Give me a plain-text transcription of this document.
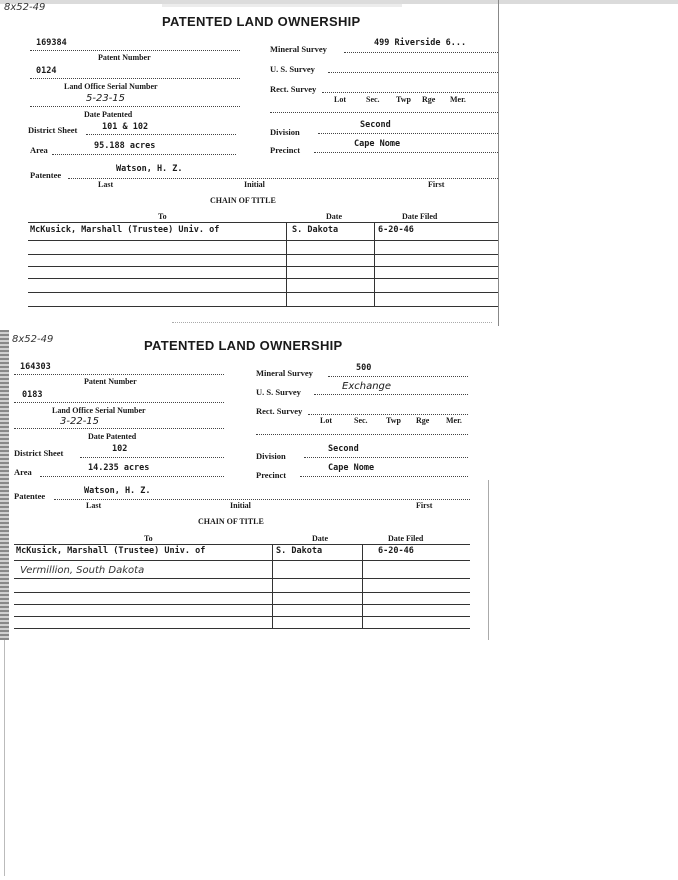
8x52-49
PATENTED LAND OWNERSHIP
169384
Patent Number
0124
Land Office Serial Number
5-23-15
Date Patented
District Sheet	101 & 102
Area	95.188 acres
Mineral Survey
499 Riverside 6...
U. S. Survey
Rect. Survey
Lot	Sec. Twp Rge Mer.
Division
Second
Precinct
Cape Nome
Patentee
Watson, H. Z.
Last	Initial	First
CHAIN OF TITLE
To	Date	Date Filed
McKusick, Marshall (Trustee) Univ. of	S. Dakota	6-20-46
8x52-49	PATENTED LAND OWNERSHIP
164303
Patent Number
0183
Land Office Serial Number
3-22-15
Date Patented
District Sheet	102
Area	14.235 acres
Mineral Survey	500
U. S. Survey	Exchange
Rect. Survey
Lot	Sec. Twp Rge Mer.
Division
Second
Precinct
Cape Nome
Patentee	Watson, H. Z.
Last	Initial	First
CHAIN OF TITLE
To	Date	Date Filed
McKusick, Marshall (Trustee) Univ. of	S. Dakota	6-20-46
Vermillion, South Dakota
